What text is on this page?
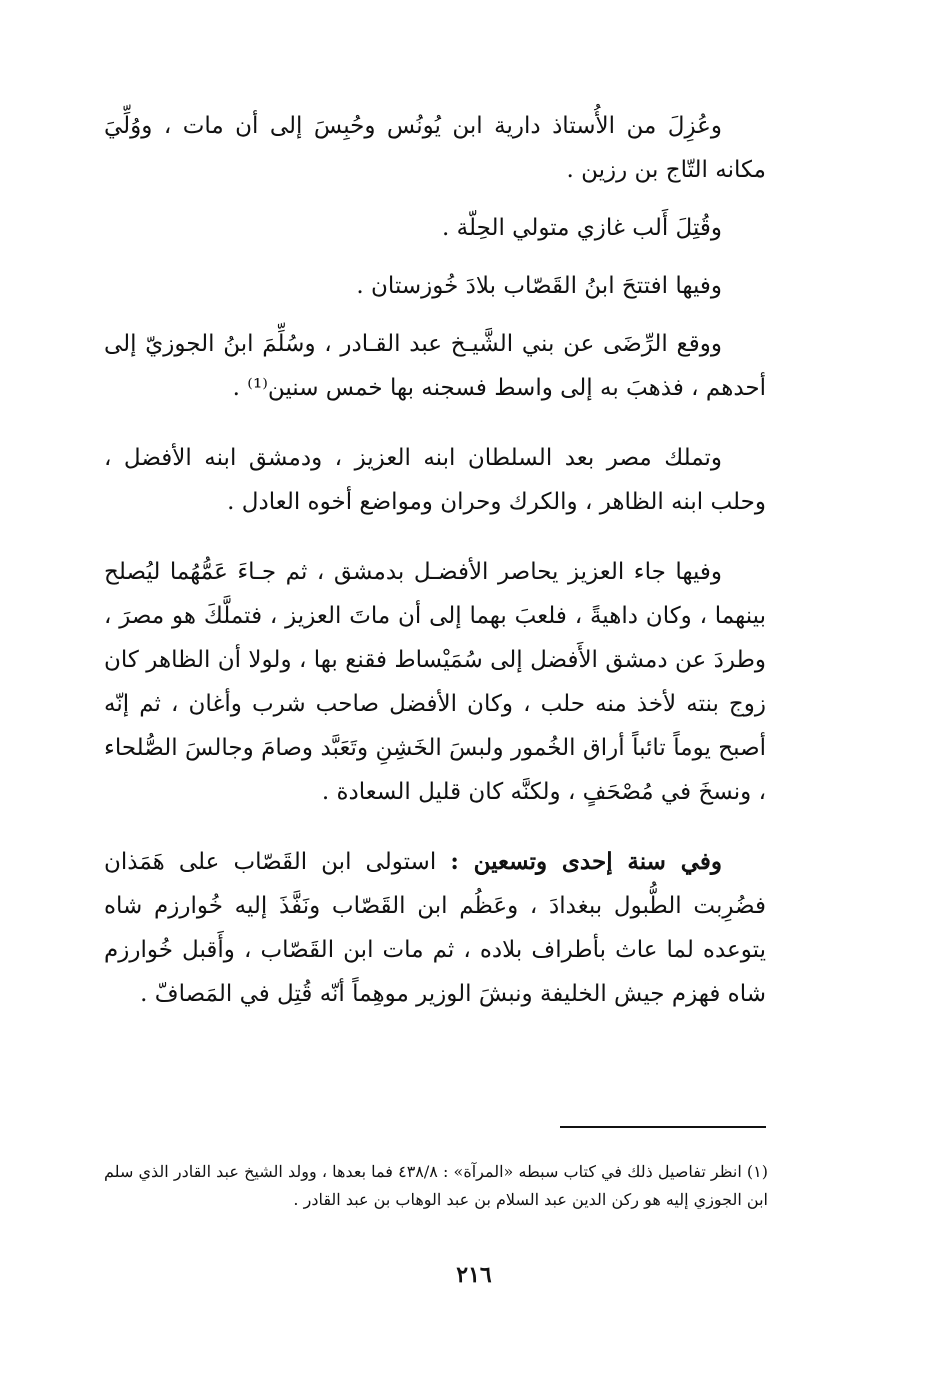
وعُزِلَ من الأُستاذ دارية ابن يُونُس وحُبِسَ إلى أن مات ، ووُلِّيَ مكانه التّاج بن رزين .

وقُتِلَ أَلب غازي متولي الحِلّة .

وفيها افتتحَ ابنُ القَصّاب بلادَ خُوزستان .

ووقع الرِّضَى عن بني الشَّيـخ عبد القـادر ، وسُلِّمَ ابنُ الجوزيّ إلى أحدهم ، فذهبَ به إلى واسط فسجنه بها خمس سنين⁽¹⁾ .

وتملك مصر بعد السلطان ابنه العزيز ، ودمشق ابنه الأفضل ، وحلب ابنه الظاهر ، والكرك وحران ومواضع أخوه العادل .

وفيها جاء العزيز يحاصر الأفضـل بدمشق ، ثم جـاءَ عَمُّهُما ليُصلح بينهما ، وكان داهيةً ، فلعبَ بهما إلى أن ماتَ العزيز ، فتملَّكَ هو مصرَ ، وطردَ عن دمشق الأَفضل إلى سُمَيْساط فقنع بها ، ولولا أن الظاهر كان زوج بنته لأخذ منه حلب ، وكان الأفضل صاحب شرب وأغان ، ثم إنّه أصبح يوماً تائباً أراق الخُمور ولبسَ الخَشِنِ وتَعَبَّد وصامَ وجالسَ الصُّلحاء ، ونسخَ في مُصْحَفٍ ، ولكنَّه كان قليل السعادة .

وفي سنة إحدى وتسعين : استولى ابن القَصّاب على هَمَذان فضُرِبت الطُّبول ببغدادَ ، وعَظُم ابن القَصّاب ونَفَّذَ إليه خُوارزم شاه يتوعده لما عاث بأطراف بلاده ، ثم مات ابن القَصّاب ، وأَقبل خُوارزم شاه فهزم جيش الخليفة ونبشَ الوزير موهِماً أنّه قُتِل في المَصافّ .

(١) انظر تفاصيل ذلك في كتاب سبطه «المرآة» : ٤٣٨/٨ فما بعدها ، وولد الشيخ عبد القادر الذي سلم ابن الجوزي إليه هو ركن الدين عبد السلام بن عبد الوهاب بن عبد القادر .

٢١٦
